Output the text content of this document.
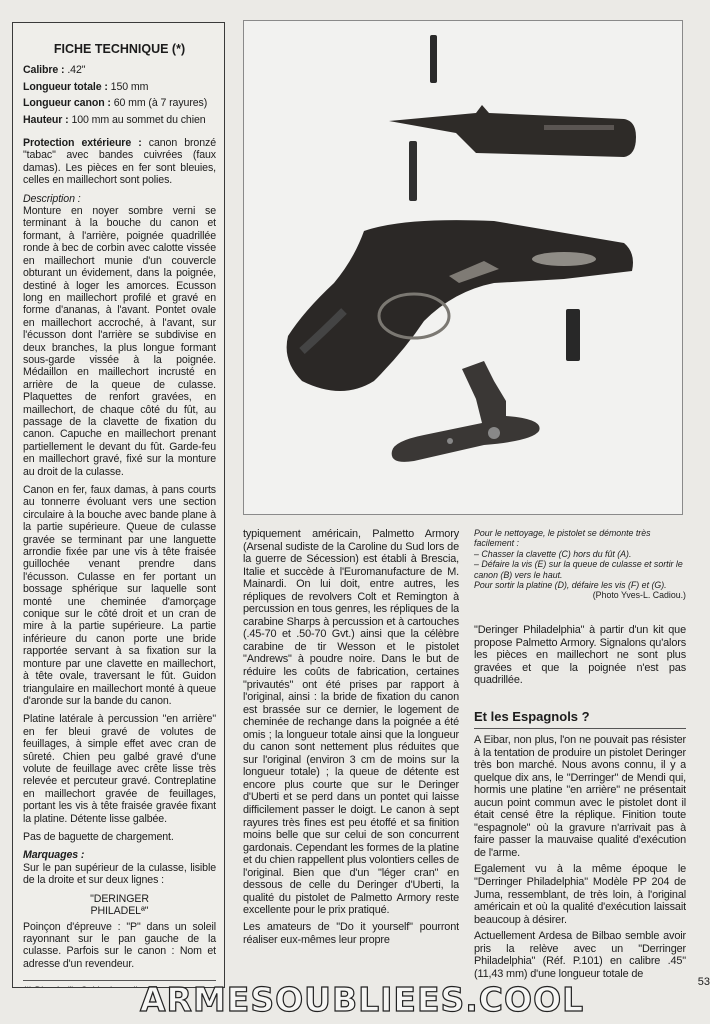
FICHE TECHNIQUE (*)
Calibre : .42"
Longueur totale : 150 mm
Longueur canon : 60 mm (à 7 rayures)
Hauteur : 100 mm au sommet du chien

Protection extérieure : canon bronzé "tabac" avec bandes cuivrées (faux damas). Les pièces en fer sont bleuies, celles en maillechort sont polies.

Description :
Monture en noyer sombre verni se terminant à la bouche du canon et formant, à l'arrière, poignée quadrillée ronde à bec de corbin avec calotte vissée en maillechort munie d'un couvercle obturant un évidement, dans la poignée, destiné à loger les amorces. Ecusson long en maillechort profilé et gravé en forme d'ananas, à l'avant. Pontet ovale en maillechort accroché, à l'avant, sur l'écusson dont l'arrière se subdivise en deux branches, la plus longue formant sous-garde vissée à la poignée. Médaillon en maillechort incrusté en arrière de la queue de culasse. Plaquettes de renfort gravées, en maillechort, de chaque côté du fût, au passage de la clavette de fixation du canon. Capuche en maillechort prenant partiellement le devant du fût. Garde-feu en maillechort gravé, fixé sur la monture au droit de la culasse.

Canon en fer, faux damas, à pans courts au tonnerre évoluant vers une section circulaire à la bouche avec bande plane à la partie supérieure. Queue de culasse gravée se terminant par une languette arrondie fixée par une vis à tête fraisée guillochée venant prendre dans l'écusson. Culasse en fer portant un bossage sphérique sur laquelle sont monté une cheminée d'amorçage conique sur le côté droit et un cran de mire à la partie supérieure. La partie inférieure du canon porte une bride rapportée servant à sa fixation sur la monture par une clavette en maillechort, à tête ovale, traversant le fût. Guidon triangulaire en maillechort monté à queue d'aronde sur la bande du canon.

Platine latérale à percussion "en arrière" en fer bleui gravé de volutes de feuillages, à simple effet avec cran de sûreté. Chien peu galbé gravé d'une volute de feuillage avec crête lisse très relevée et percuteur gravé. Contreplatine en maillechort gravée de feuillages, portant les vis à tête fraisée gravée fixant la platine. Détente lisse galbée.

Pas de baguette de chargement.

Marquages :
Sur le pan supérieur de la culasse, lisible de la droite et sur deux lignes :

"DERINGER
PHILADELª"

Poinçon d'épreuve : "P" dans un soleil rayonnant sur le pan gauche de la culasse. Parfois sur le canon : Nom et adresse d'un revendeur.

typiquement américain, Palmetto Armory (Arsenal sudiste de la Caroline du Sud lors de la guerre de Sécession) est établi à Brescia, Italie et succède à l'Euromanufacture de M. Mainardi. On lui doit, entre autres, les répliques de revolvers Colt et Remington à percussion en tous genres, les répliques de la carabine Sharps à percussion et à cartouches (.45-70 et .50-70 Gvt.) ainsi que la célèbre carabine de tir Wesson et le pistolet "Andrews" à poudre noire. Dans le but de réduire les coûts de fabrication, certaines "privautés" ont été prises par rapport à l'original, ainsi : la bride de fixation du canon est brassée sur ce dernier, le logement de cheminée de rechange dans la poignée a été omis ; la longueur totale ainsi que la longueur du canon sont nettement plus réduites que sur l'original (environ 3 cm de moins sur la longueur totale) ; la queue de détente est encore plus courte que sur le Deringer d'Uberti et se perd dans un pontet qui laisse difficilement passer le doigt. Le canon à sept rayures très fines est peu étoffé et sa finition moins belle que sur celui de son concurrent gardonais. Cependant les formes de la platine et du chien rappellent plus volontiers celles de l'original. Bien que d'un "léger cran" en dessous de celle du Deringer d'Uberti, la qualité du pistolet de Palmetto Armory reste excellente pour le prix pratiqué.

Les amateurs de "Do it yourself" pourront réaliser eux-mêmes leur propre

Pour le nettoyage, le pistolet se démonte très facilement :
– Chasser la clavette (C) hors du fût (A).
– Défaire la vis (E) sur la queue de culasse et sortir le canon (B) vers le haut.
Pour sortir la platine (D), défaire les vis (F) et (G).
(Photo Yves-L. Cadiou.)

"Deringer Philadelphia" à partir d'un kit que propose Palmetto Armory. Signalons qu'alors les pièces en maillechort ne sont plus gravées et que la poignée n'est pas quadrillée.

Et les Espagnols ?

A Eibar, non plus, l'on ne pouvait pas résister à la tentation de produire un pistolet Deringer très bon marché. Nous avons connu, il y a quelque dix ans, le "Derringer" de Mendi qui, hormis une platine "en arrière" ne présentait aucun point commun avec le pistolet dont il était censé être la réplique. Finition toute "espagnole" où la gravure n'arrivait pas à faire passer la mauvaise qualité d'exécution de l'arme.

Egalement vu à la même époque le "Derringer Philadelphia" Modèle PP 204 de Juma, ressemblant, de très loin, à l'original américain et où la qualité d'exécution laissait beaucoup à désirer.

Actuellement Ardesa de Bilbao semble avoir pris la relève avec un "Derringer Philadelphia" (Réf. P.101) en calibre .45" (11,43 mm) d'une longueur totale de

53
ARMESOUBLIEES.COOL
